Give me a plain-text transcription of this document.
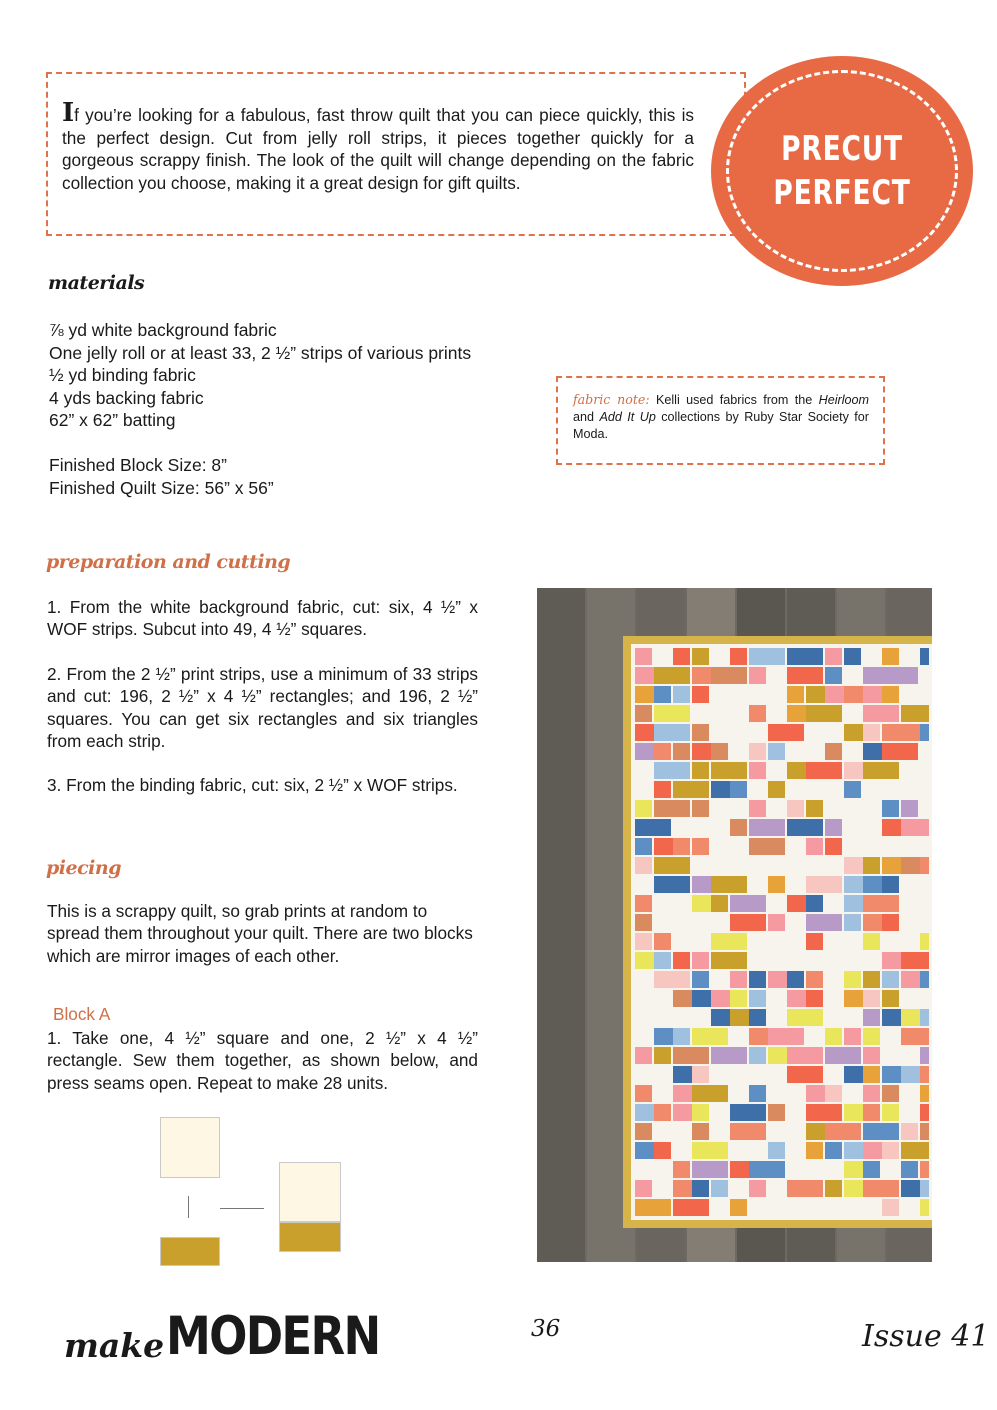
If you’re looking for a fabulous, fast throw quilt that you can piece quickly, this is the perfect design. Cut from jelly roll strips, it pieces together quickly for a gorgeous scrappy finish. The look of the quilt will change depending on the fabric collection you choose, making it a great design for gift quilts.

PRECUT
PERFECT
materials
⅞ yd white background fabric
One jelly roll or at least 33, 2 ½” strips of various prints
½ yd binding fabric
4 yds backing fabric
62” x 62” batting
Finished Block Size: 8”
Finished Quilt Size: 56” x 56”
fabric note: Kelli used fabrics from the Heirloom and Add It Up collections by Ruby Star Society for Moda.
preparation and cutting

1. From the white background fabric, cut: six, 4 ½” x WOF strips. Subcut into 49, 4 ½” squares.

2. From the 2 ½” print strips, use a minimum of 33 strips and cut: 196, 2 ½” x 4 ½” rectangles; and 196, 2 ½” squares. You can get six rectangles and six triangles from each strip.

3. From the binding fabric, cut: six, 2 ½” x WOF strips.

piecing

This is a scrappy quilt, so grab prints at random to spread them throughout your quilt. There are two blocks which are mirror images of each other.

Block A

1. Take one, 4 ½” square and one, 2 ½” x 4 ½” rectangle. Sew them together, as shown below, and press seams open. Repeat to make 28 units.

makeMODERN	36	Issue 41
